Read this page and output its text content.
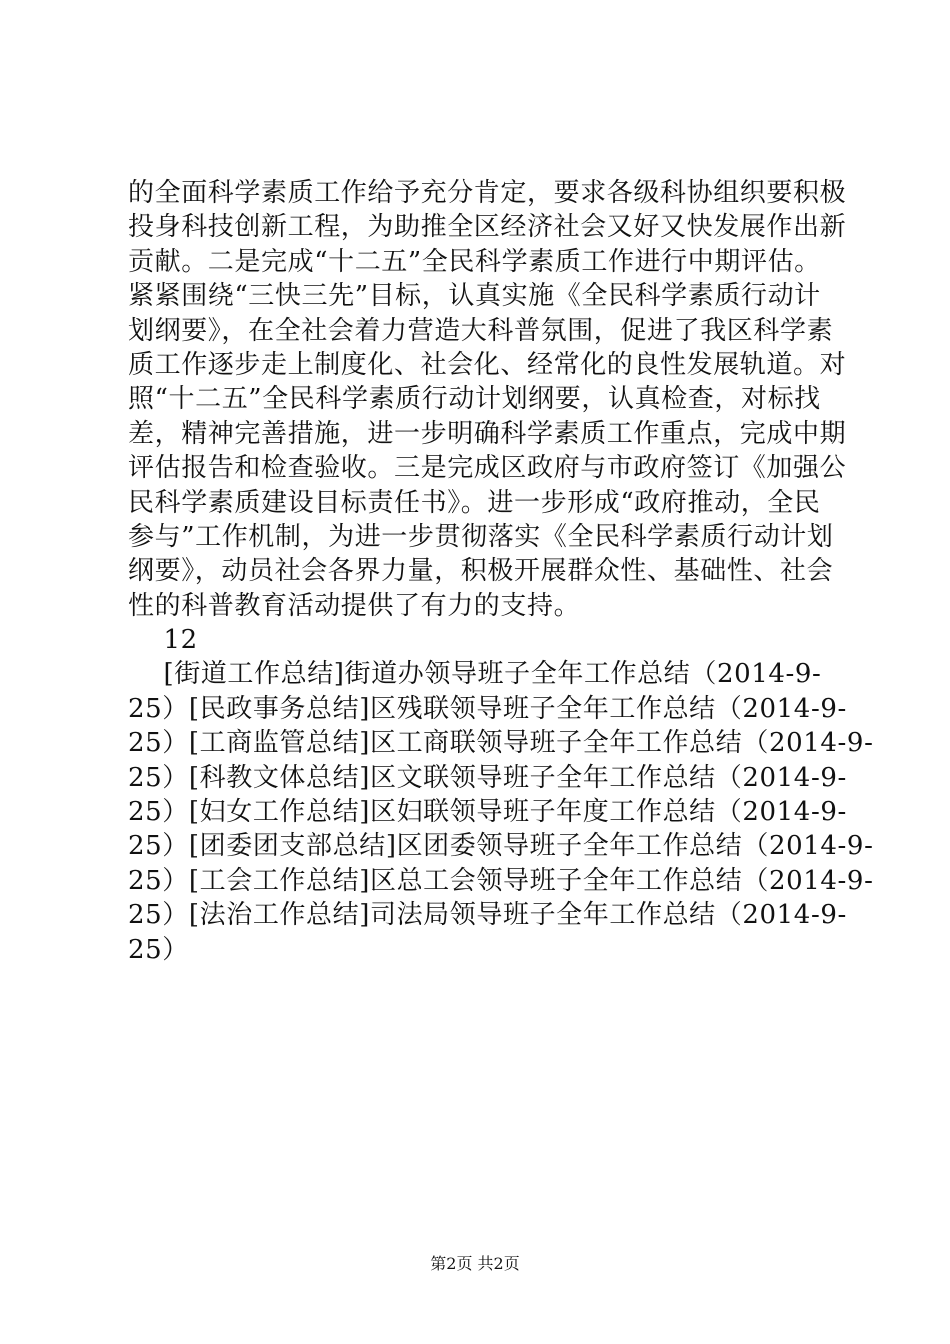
的全面科学素质工作给予充分肯定，要求各级科协组织要积极
投身科技创新工程，为助推全区经济社会又好又快发展作出新
贡献。二是完成“十二五”全民科学素质工作进行中期评估。
紧紧围绕“三快三先”目标，认真实施《全民科学素质行动计
划纲要》，在全社会着力营造大科普氛围，促进了我区科学素
质工作逐步走上制度化、社会化、经常化的良性发展轨道。对
照“十二五”全民科学素质行动计划纲要，认真检查，对标找
差，精神完善措施，进一步明确科学素质工作重点，完成中期
评估报告和检查验收。三是完成区政府与市政府签订《加强公
民科学素质建设目标责任书》。进一步形成“政府推动，全民
参与”工作机制，为进一步贯彻落实《全民科学素质行动计划
纲要》，动员社会各界力量，积极开展群众性、基础性、社会
性的科普教育活动提供了有力的支持。
12
[街道工作总结]街道办领导班子全年工作总结（2014-9-
25）[民政事务总结]区残联领导班子全年工作总结（2014-9-
25）[工商监管总结]区工商联领导班子全年工作总结（2014-9-
25）[科教文体总结]区文联领导班子全年工作总结（2014-9-
25）[妇女工作总结]区妇联领导班子年度工作总结（2014-9-
25）[团委团支部总结]区团委领导班子全年工作总结（2014-9-
25）[工会工作总结]区总工会领导班子全年工作总结（2014-9-
25）[法治工作总结]司法局领导班子全年工作总结（2014-9-
25）
第2页 共2页
